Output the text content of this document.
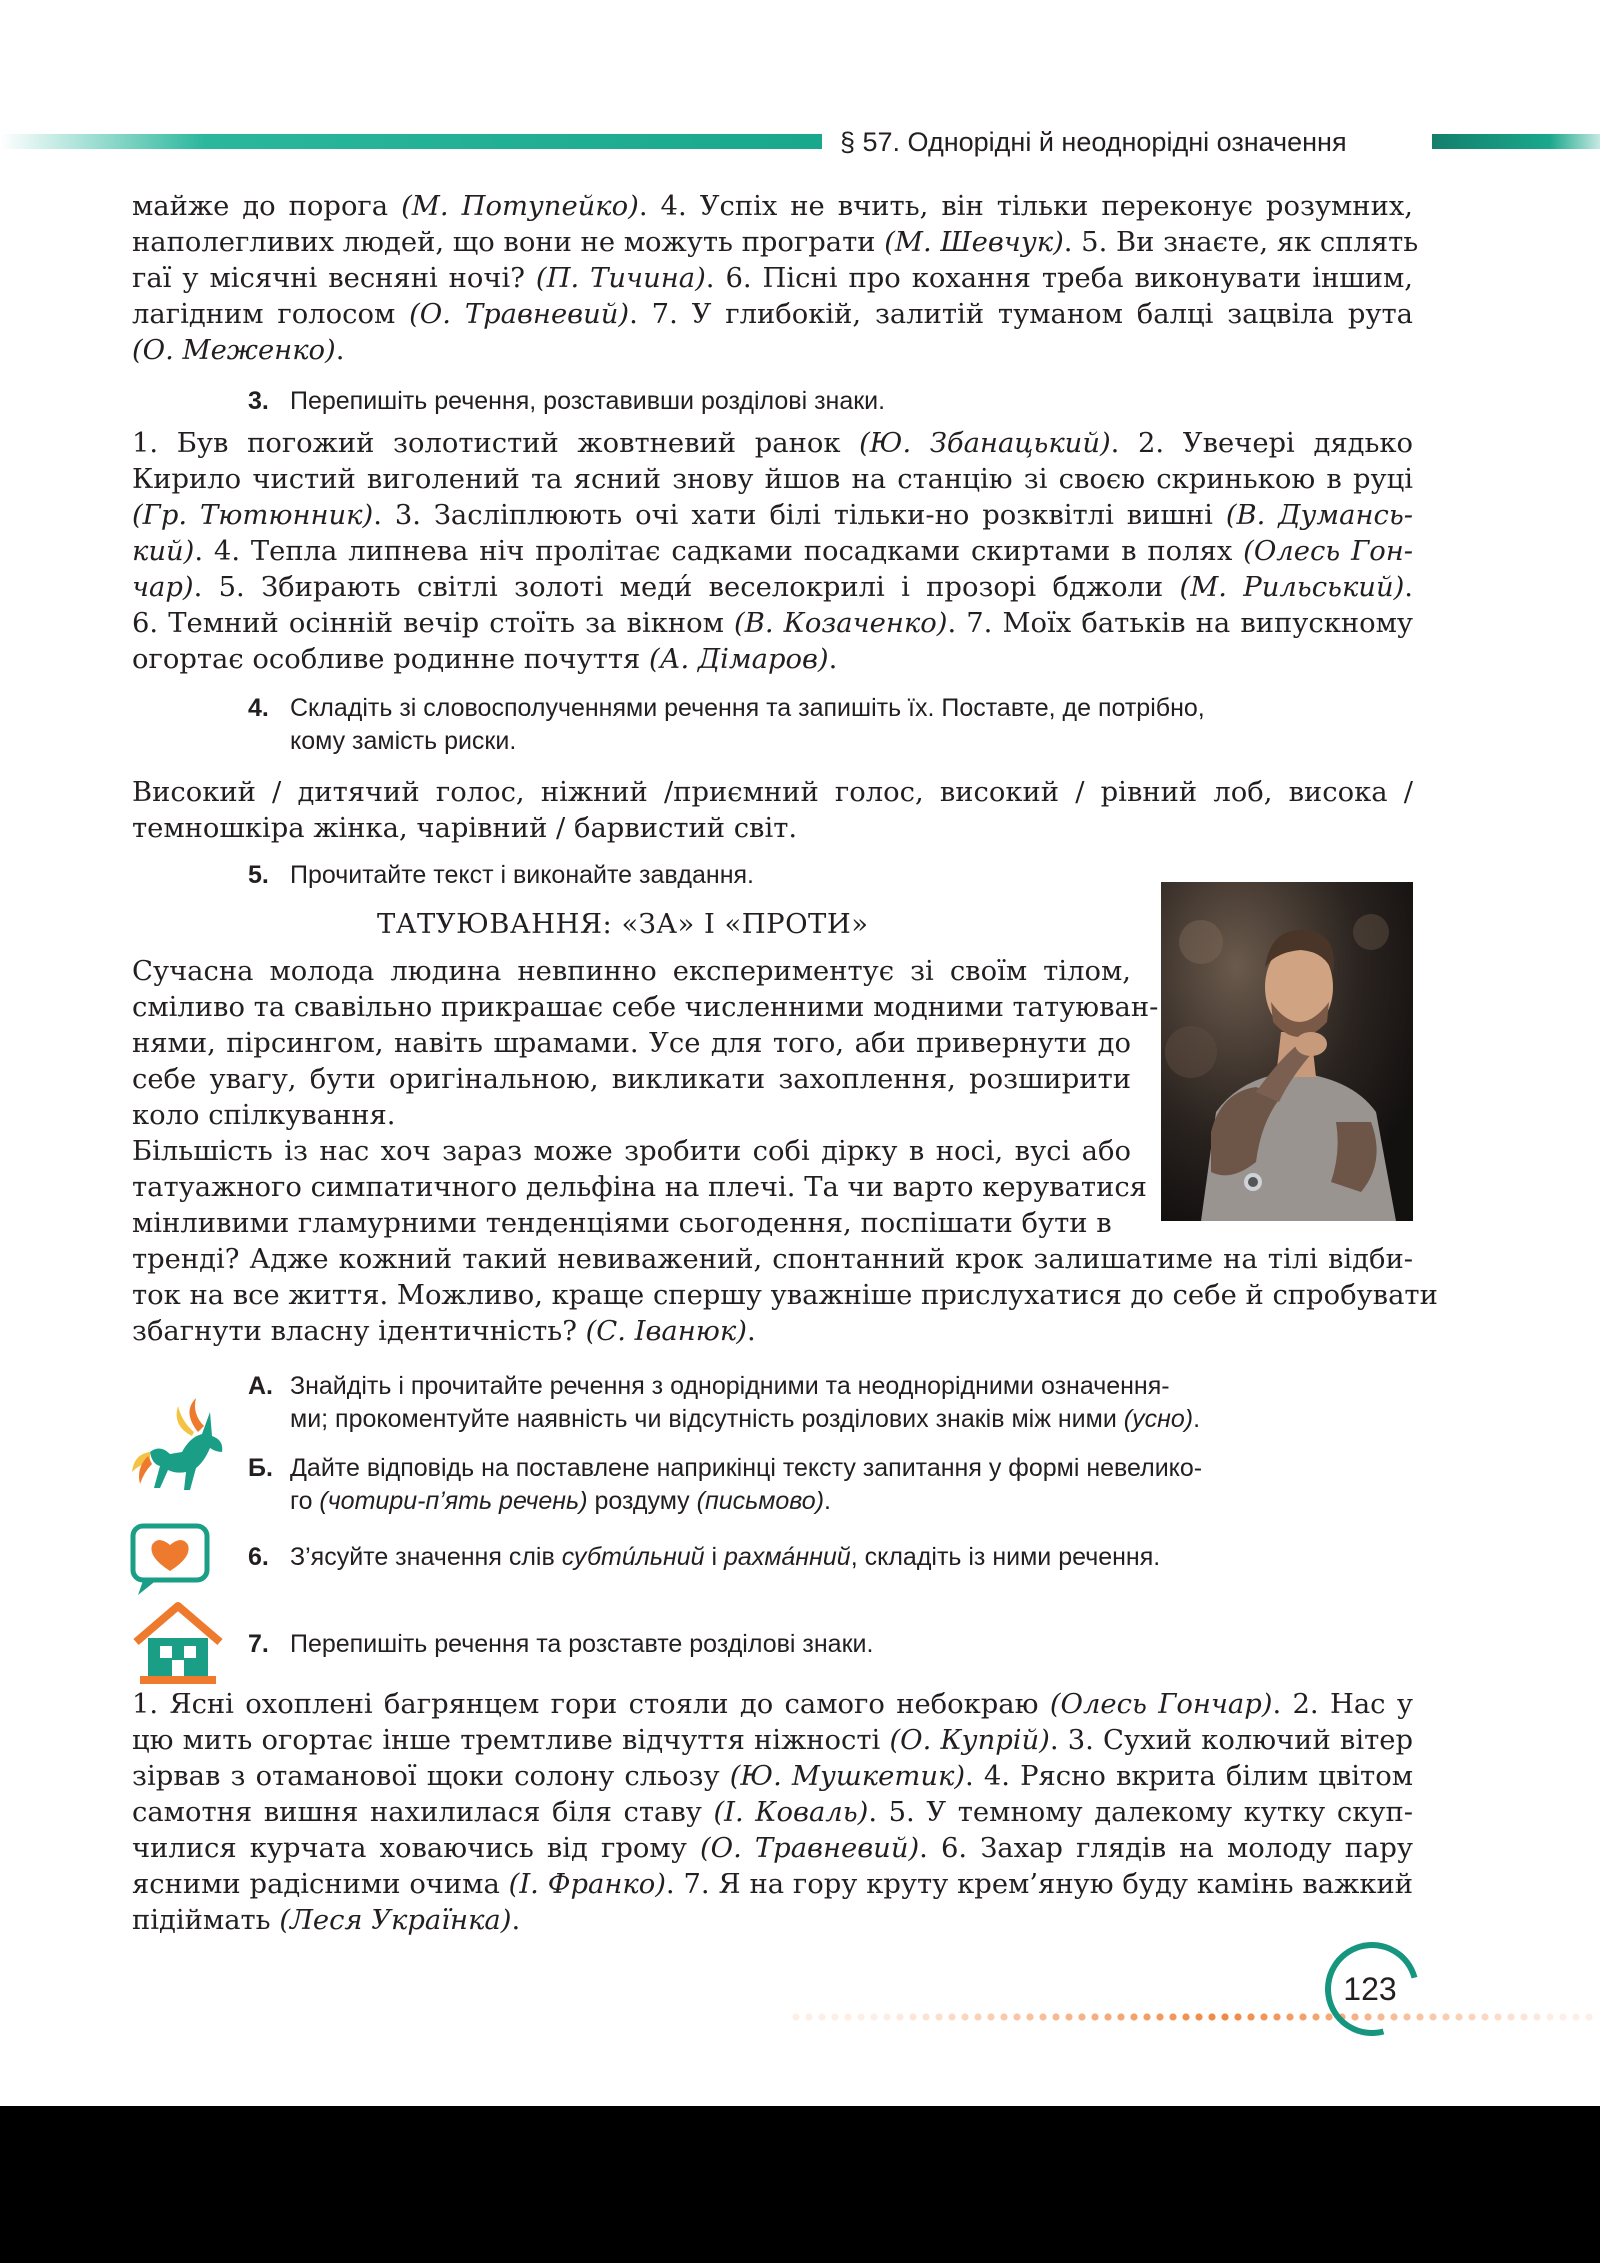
§ 57. Однорідні й неоднорідні означення
майже до порога (М. Потупейко). 4. Успіх не вчить, він тільки переконує розумних,
наполегливих людей, що вони не можуть програти (М. Шевчук). 5. Ви знаєте, як сплять
гаї у місячні весняні ночі? (П. Тичина). 6. Пісні про кохання треба виконувати іншим,
лагідним голосом (О. Травневий). 7. У глибокій, залитій туманом балці зацвіла рута
(О. Меженко).
3. Перепишіть речення, розставивши розділові знаки.
1. Був погожий золотистий жовтневий ранок (Ю. Збанацький). 2. Увечері дядько
Кирило чистий виголений та ясний знову йшов на станцію зі своєю скринькою в руці
(Гр. Тютюнник). 3. Засліплюють очі хати білі тільки-но розквітлі вишні (В. Думансь-
кий). 4. Тепла липнева ніч пролітає садками посадками скиртами в полях (Олесь Гон-
чар). 5. Збирають світлі золоті меди́ веселокрилі і прозорі бджоли (М. Рильський).
6. Темний осінній вечір стоїть за вікном (В. Козаченко). 7. Моїх батьків на випускному
огортає особливе родинне почуття (А. Дімаров).
4. Складіть зі словосполученнями речення та запишіть їх. Поставте, де потрібно,
кому замість риски.
Високий / дитячий голос, ніжний /приємний голос, високий / рівний лоб, висока /
темношкіра жінка, чарівний / барвистий світ.
5. Прочитайте текст і виконайте завдання.
ТАТУЮВАННЯ: «ЗА» І «ПРОТИ»
Сучасна молода людина невпинно експериментує зі своїм тілом,
сміливо та свавільно прикрашає себе численними модними татуюван-
нями, пірсингом, навіть шрамами. Усе для того, аби привернути до
себе увагу, бути оригінальною, викликати захоплення, розширити
коло спілкування.
Більшість із нас хоч зараз може зробити собі дірку в носі, вусі або
татуажного симпатичного дельфіна на плечі. Та чи варто керуватися
мінливими гламурними тенденціями сьогодення, поспішати бути в
тренді? Адже кожний такий невиважений, спонтанний крок залишатиме на тілі відби-
ток на все життя. Можливо, краще спершу уважніше прислухатися до себе й спробувати
збагнути власну ідентичність? (С. Іванюк).
А. Знайдіть і прочитайте речення з однорідними та неоднорідними означення-
ми; прокоментуйте наявність чи відсутність розділових знаків між ними (усно).
Б. Дайте відповідь на поставлене наприкінці тексту запитання у формі невелико-
го (чотири-п’ять речень) роздуму (письмово).
6. З’ясуйте значення слів субти́льний і рахма́нний, складіть із ними речення.
7. Перепишіть речення та розставте розділові знаки.
1. Ясні охоплені багрянцем гори стояли до самого небокраю (Олесь Гончар). 2. Нас у
цю мить огортає інше тремтливе відчуття ніжності (О. Купрій). 3. Сухий колючий вітер
зірвав з отаманової щоки солону сльозу (Ю. Мушкетик). 4. Рясно вкрита білим цвітом
самотня вишня нахилилася біля ставу (І. Коваль). 5. У темному далекому кутку скуп-
чилися курчата ховаючись від грому (О. Травневий). 6. Захар глядів на молоду пару
ясними радісними очима (І. Франко). 7. Я на гору круту крем’яную буду камінь важкий
підіймать (Леся Українка).
123
